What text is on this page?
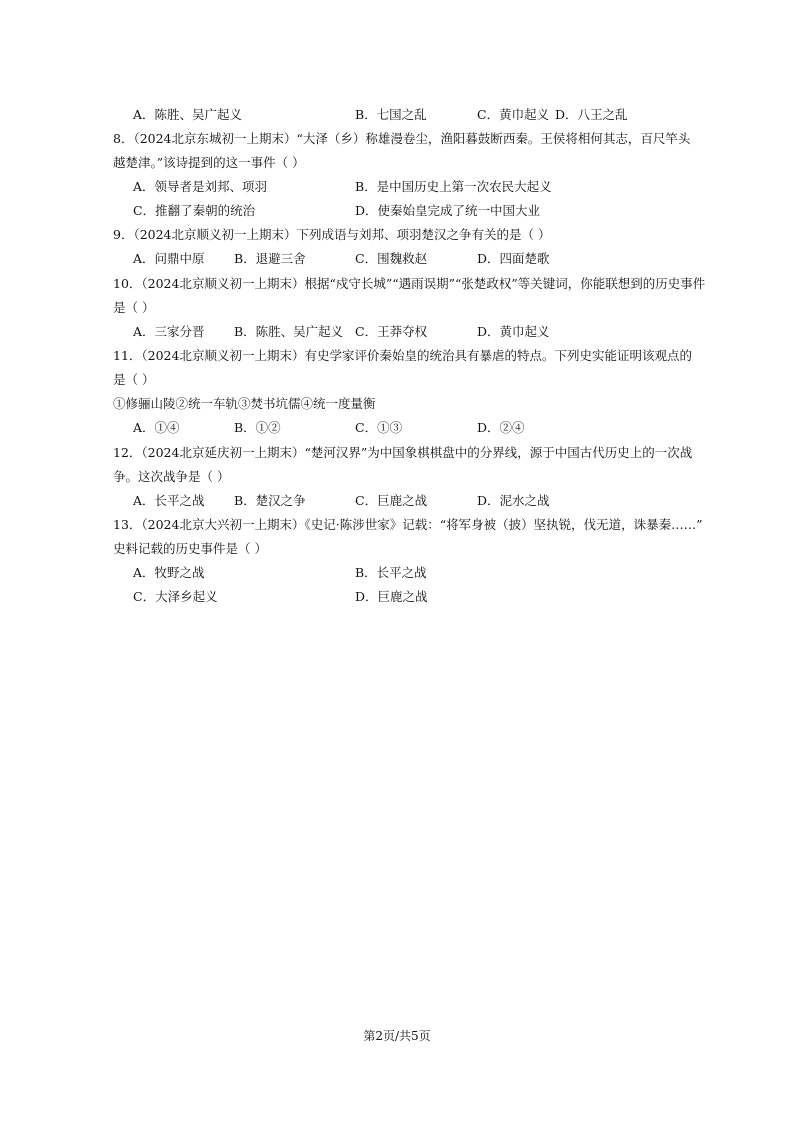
A．陈胜、吴广起义	B．七国之乱	C．黄巾起义 D．八王之乱
8．（2024北京东城初一上期末）“大泽（乡）称雄漫卷尘，渔阳暮鼓断西秦。王侯将相何其志，百尺竿头
越楚津。”该诗提到的这一事件（ ）
A．领导者是刘邦、项羽	B．是中国历史上第一次农民大起义
C．推翻了秦朝的统治	D．使秦始皇完成了统一中国大业
9．（2024北京顺义初一上期末）下列成语与刘邦、项羽楚汉之争有关的是（ ）
A．问鼎中原 B．退避三舍	C．围魏救赵	D．四面楚歌
10．（2024北京顺义初一上期末）根据“戍守长城”“遇雨误期”“张楚政权”等关键词，你能联想到的历史事件
是（ ）
A．三家分晋 B．陈胜、吴广起义 C．王莽夺权	D．黄巾起义
11．（2024北京顺义初一上期末）有史学家评价秦始皇的统治具有暴虐的特点。下列史实能证明该观点的
是（ ）
①修骊山陵②统一车轨③焚书坑儒④统一度量衡
A．①④	B．①②	C．①③	D．②④
12．（2024北京延庆初一上期末）“楚河汉界”为中国象棋棋盘中的分界线，源于中国古代历史上的一次战
争。这次战争是（ ）
A．长平之战 B．楚汉之争	C．巨鹿之战	D．泥水之战
13．（2024北京大兴初一上期末）《史记·陈涉世家》记载：“将军身被（披）坚执锐，伐无道，诛暴秦……”
史料记载的历史事件是（ ）
A．牧野之战	B．长平之战
C．大泽乡起义	D．巨鹿之战
第2页/共5页
